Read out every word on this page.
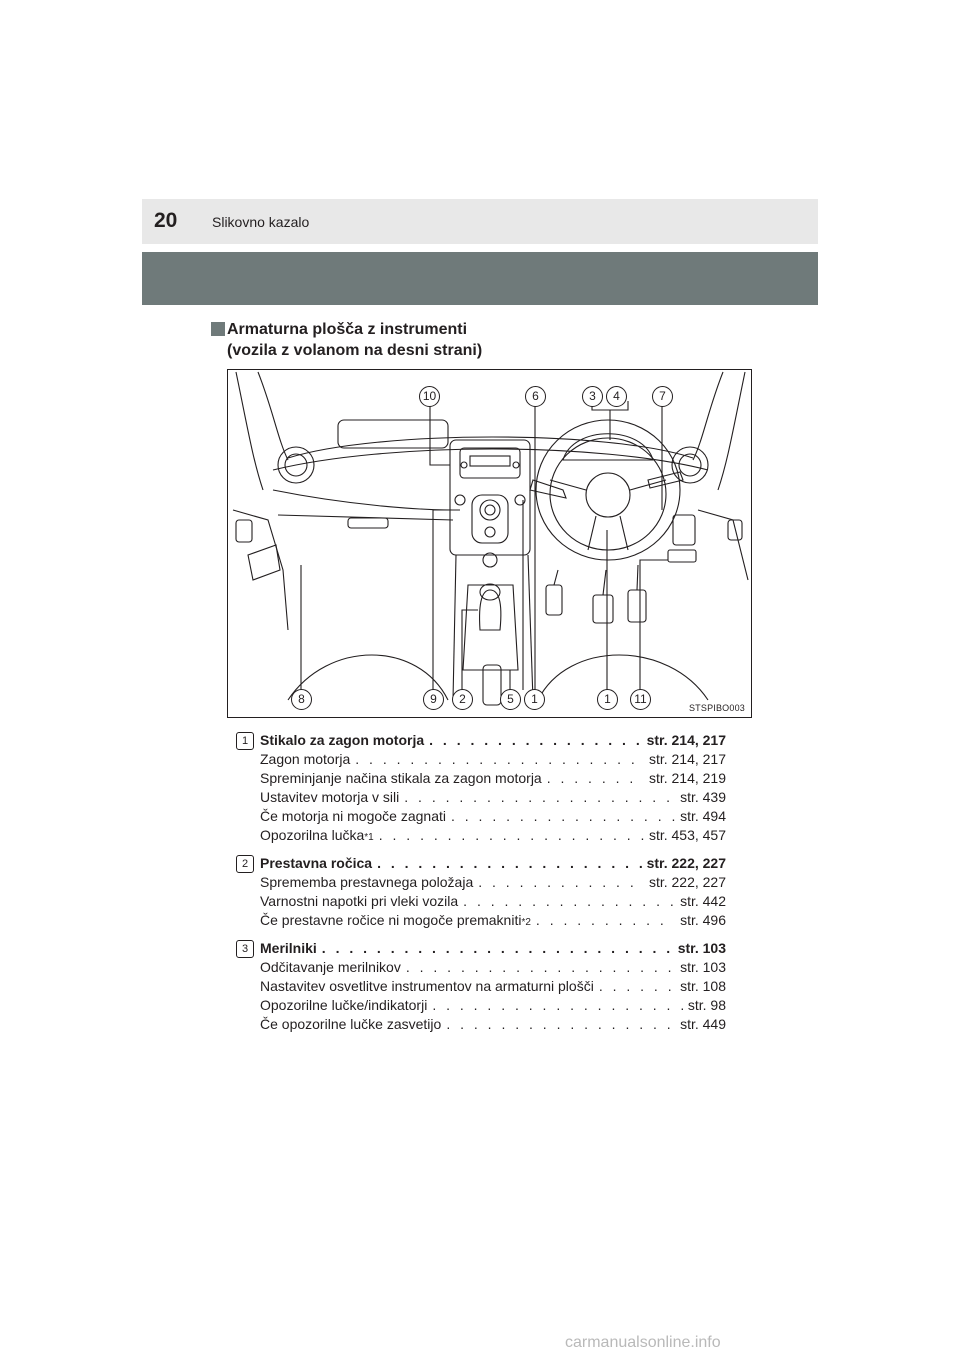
20 Slikovno kazalo
Armaturna plošča z instrumenti
(vozila z volanom na desni strani)
10	6	3	4	7
8	9	2	5	1	1	11
STSPIBO003
1 Stikalo za zagon motorja . . .	str. 214, 217
Zagon motorja . . .	str. 214, 217
Spreminjanje načina stikala za zagon motorja . . .	str. 214, 219
Ustavitev motorja v sili . . .	str. 439
Če motorja ni mogoče zagnati . . .	str. 494
Opozorilna lučka *1 . . .	str. 453, 457
2 Prestavna ročica . . .	str. 222, 227
Sprememba prestavnega položaja . . .	str. 222, 227
Varnostni napotki pri vleki vozila . . .	str. 442
Če prestavne ročice ni mogoče premakniti *2 . . .	str. 496
3 Merilniki . . .	str. 103
Odčitavanje merilnikov . . .	str. 103
Nastavitev osvetlitve instrumentov na armaturni plošči . . .	str. 108
Opozorilne lučke/indikatorji . . .	str. 98
Če opozorilne lučke zasvetijo . . .	str. 449
carmanualsonline.info
